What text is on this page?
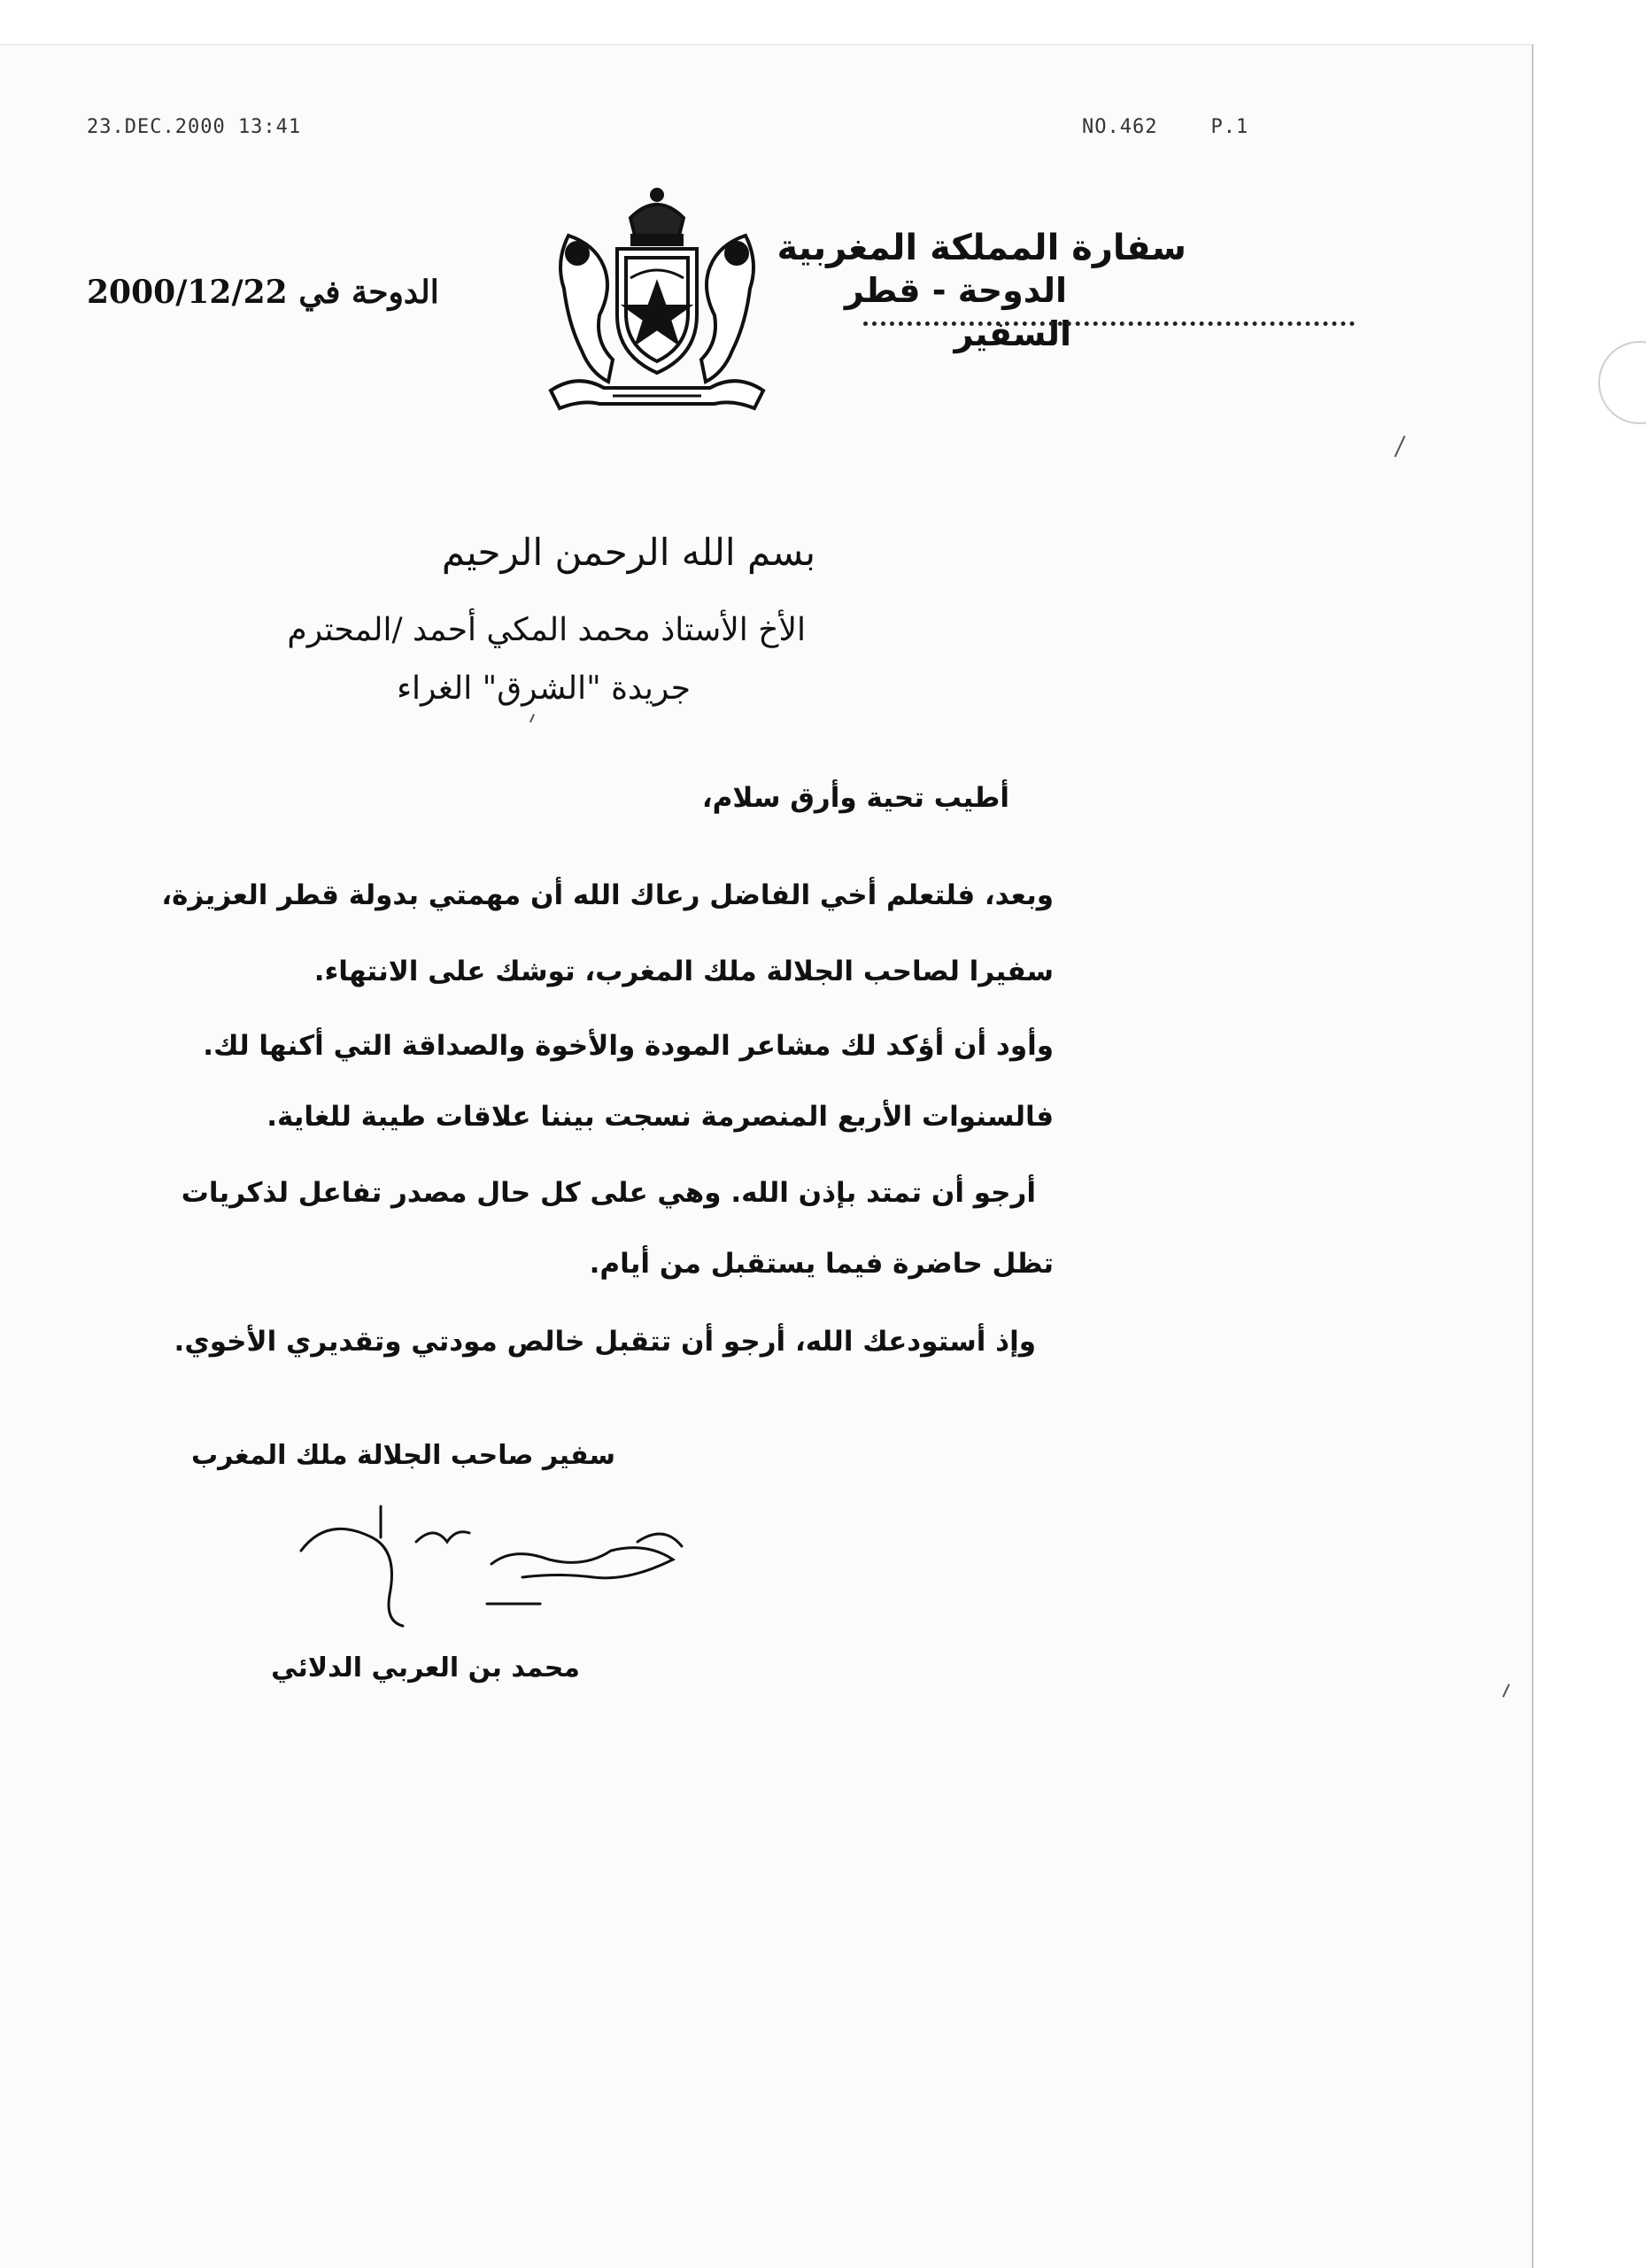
23.DEC.2000 13:41	NO.462	P.1
سفارة المملكة المغربية
الدوحة - قطر
السفير
الدوحة في 2000/12/22
بسم الله الرحمن الرحيم
الأخ الأستاذ محمد المكي أحمد /المحترم
جريدة "الشرق" الغراء
أطيب تحية وأرق سلام،
وبعد، فلتعلم أخي الفاضل رعاك الله أن مهمتي بدولة قطر العزيزة،
سفيرا لصاحب الجلالة ملك المغرب، توشك على الانتهاء.
وأود أن أؤكد لك مشاعر المودة والأخوة والصداقة التي أكنها لك.
فالسنوات الأربع المنصرمة نسجت بيننا علاقات طيبة للغاية.
أرجو أن تمتد بإذن الله. وهي على كل حال مصدر تفاعل لذكريات
تظل حاضرة فيما يستقبل من أيام.
وإذ أستودعك الله، أرجو أن تتقبل خالص مودتي وتقديري الأخوي.
سفير صاحب الجلالة ملك المغرب
محمد بن العربي الدلائي
